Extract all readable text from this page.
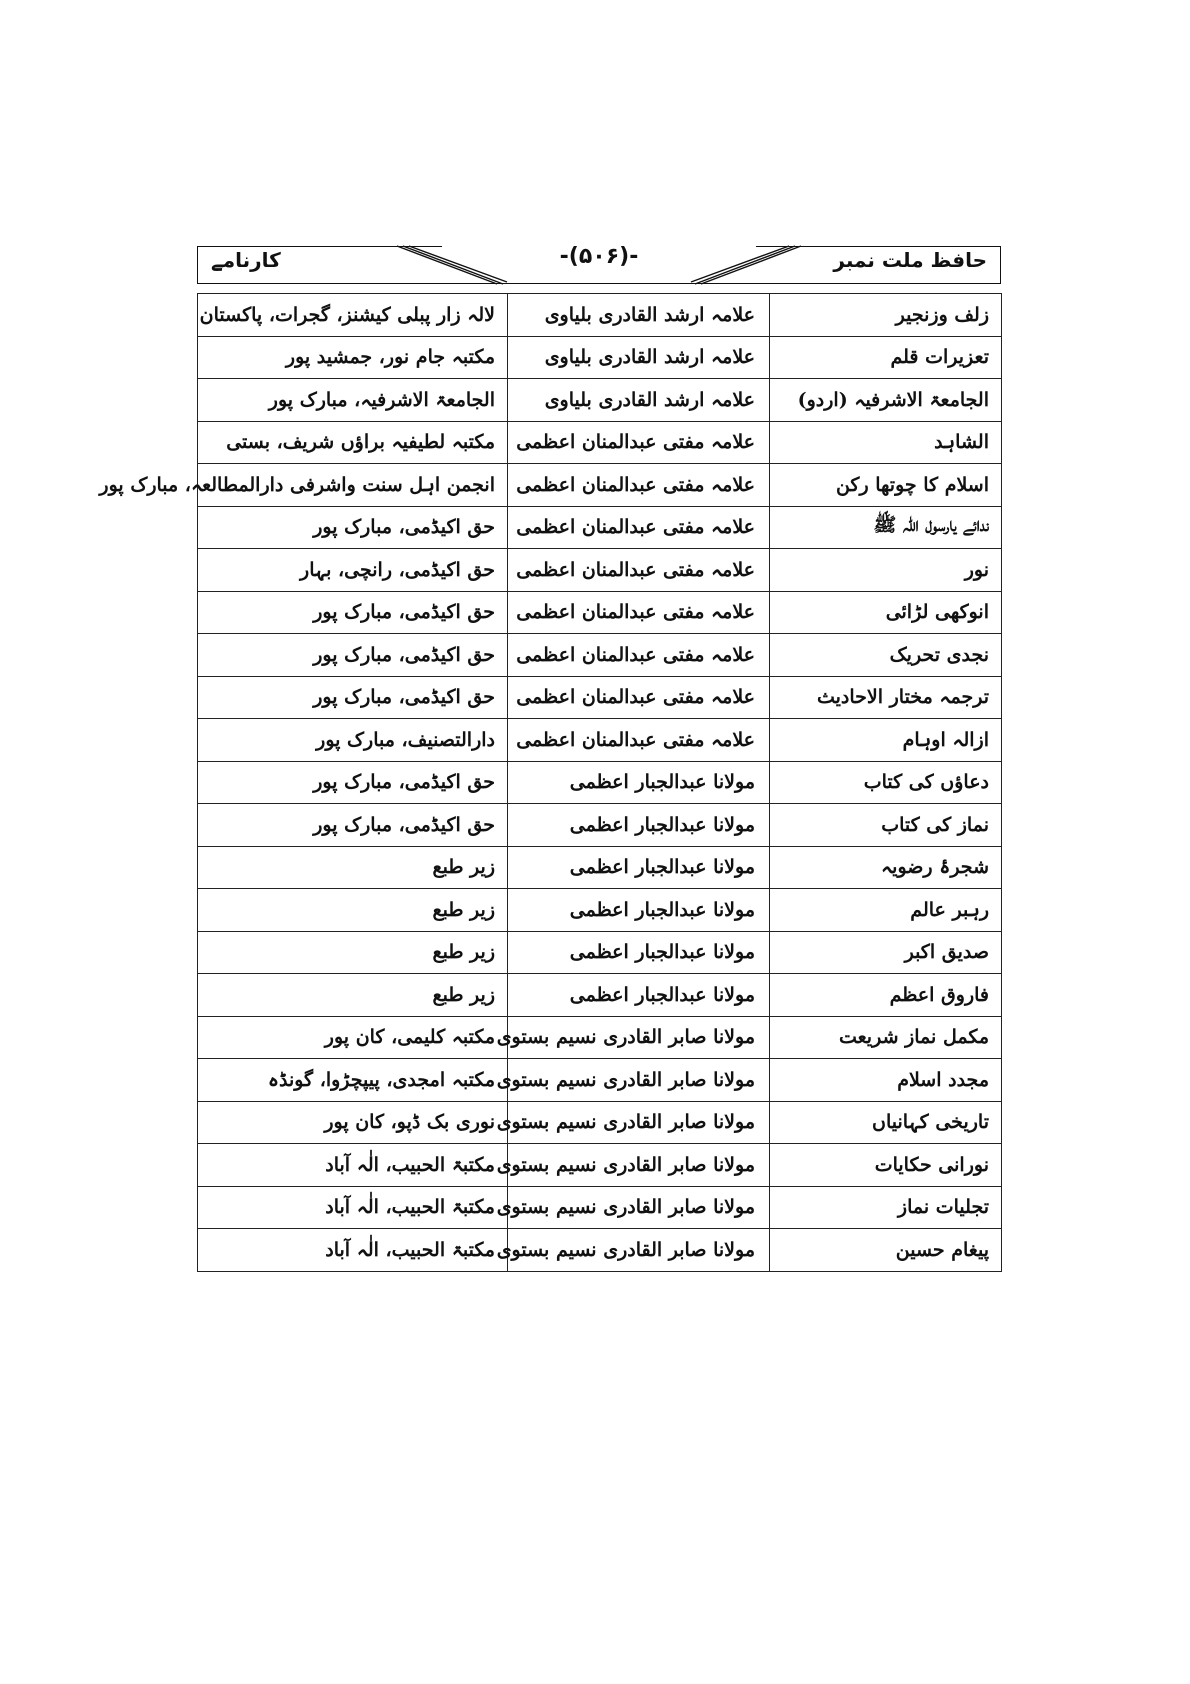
کارنامے	-(۵۰۶)-	حافظ ملت نمبر
زلف وزنجیر	علامہ ارشد القادری بلیاوی	لالہ زار پبلی کیشنز، گجرات، پاکستان
تعزیرات قلم	علامہ ارشد القادری بلیاوی	مکتبہ جام نور، جمشید پور
الجامعۃ الاشرفیہ (اردو)	علامہ ارشد القادری بلیاوی	الجامعۃ الاشرفیہ، مبارک پور
الشاہد	علامہ مفتی عبدالمنان اعظمی	مکتبہ لطیفیہ براؤں شریف، بستی
اسلام کا چوتھا رکن	علامہ مفتی عبدالمنان اعظمی	انجمن اہل سنت واشرفی دارالمطالعہ، مبارک پور
ندائے یارسول اللہ ﷺ	علامہ مفتی عبدالمنان اعظمی	حق اکیڈمی، مبارک پور
نور	علامہ مفتی عبدالمنان اعظمی	حق اکیڈمی، رانچی، بہار
انوکھی لڑائی	علامہ مفتی عبدالمنان اعظمی	حق اکیڈمی، مبارک پور
نجدی تحریک	علامہ مفتی عبدالمنان اعظمی	حق اکیڈمی، مبارک پور
ترجمہ مختار الاحادیث	علامہ مفتی عبدالمنان اعظمی	حق اکیڈمی، مبارک پور
ازالہ اوہام	علامہ مفتی عبدالمنان اعظمی	دارالتصنیف، مبارک پور
دعاؤں کی کتاب	مولانا عبدالجبار اعظمی	حق اکیڈمی، مبارک پور
نماز کی کتاب	مولانا عبدالجبار اعظمی	حق اکیڈمی، مبارک پور
شجرۂ رضویہ	مولانا عبدالجبار اعظمی	زیر طبع
رہبر عالم	مولانا عبدالجبار اعظمی	زیر طبع
صدیق اکبر	مولانا عبدالجبار اعظمی	زیر طبع
فاروق اعظم	مولانا عبدالجبار اعظمی	زیر طبع
مکمل نماز شریعت	مولانا صابر القادری نسیم بستوی	مکتبہ کلیمی، کان پور
مجدد اسلام	مولانا صابر القادری نسیم بستوی	مکتبہ امجدی، پیپچڑوا، گونڈہ
تاریخی کہانیاں	مولانا صابر القادری نسیم بستوی	نوری بک ڈپو، کان پور
نورانی حکایات	مولانا صابر القادری نسیم بستوی	مکتبۃ الحبیب، الٰہ آباد
تجلیات نماز	مولانا صابر القادری نسیم بستوی	مکتبۃ الحبیب، الٰہ آباد
پیغام حسین	مولانا صابر القادری نسیم بستوی	مکتبۃ الحبیب، الٰہ آباد
